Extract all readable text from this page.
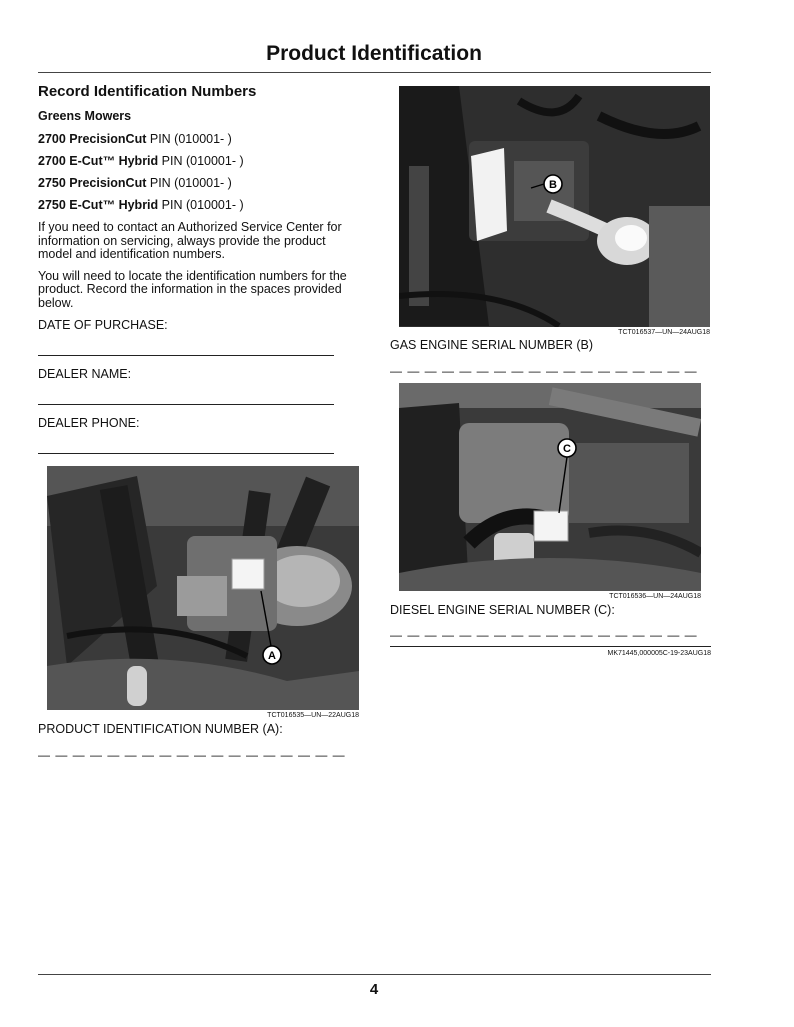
Product Identification
Record Identification Numbers
Greens Mowers
2700 PrecisionCut PIN (010001- )
2700 E-Cut™ Hybrid PIN (010001- )
2750 PrecisionCut PIN (010001- )
2750 E-Cut™ Hybrid PIN (010001- )

If you need to contact an Authorized Service Center for information on servicing, always provide the product model and identification numbers.

You will need to locate the identification numbers for the product. Record the information in the spaces provided below.

DATE OF PURCHASE:
DEALER NAME:
DEALER PHONE:
A
TCT016535—UN—22AUG18
PRODUCT IDENTIFICATION NUMBER (A):
— — — — — — — — — — — — — — — — — —
B
TCT016537—UN—24AUG18
GAS ENGINE SERIAL NUMBER (B)
— — — — — — — — — — — — — — — — — —
C
TCT016536—UN—24AUG18
DIESEL ENGINE SERIAL NUMBER (C):
— — — — — — — — — — — — — — — — — —
MK71445,000005C-19-23AUG18
4
